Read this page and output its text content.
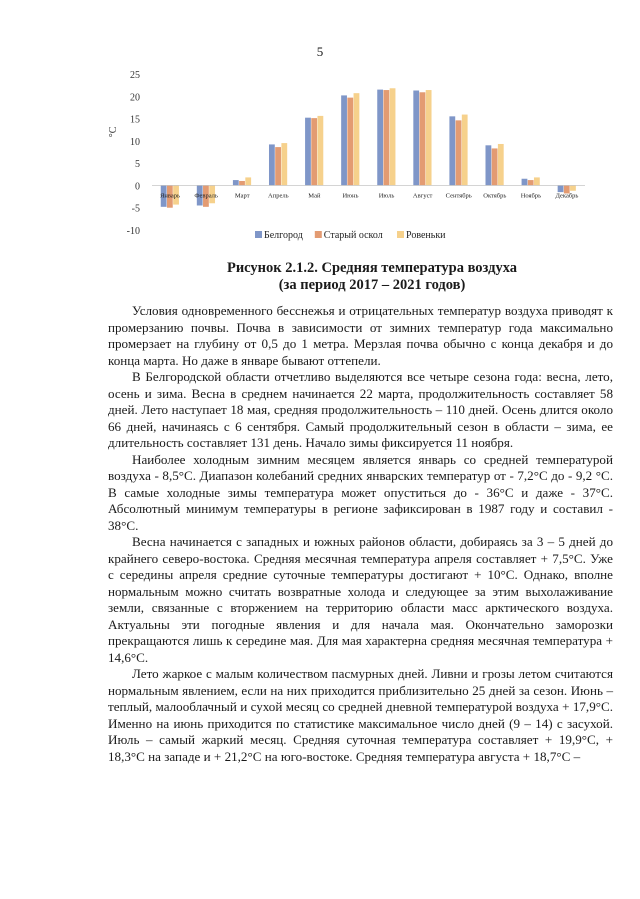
5
25
20
15
10
5
0
-5
-10
°C
Январь Февраль	Март	Апрель	Май	Июнь	Июль	Август Сентябрь Октябрь Ноябрь Декабрь
Белгород Старый оскол Ровеньки
Рисунок 2.1.2. Средняя температура воздуха
(за период 2017 – 2021 годов)

Условия одновременного бесснежья и отрицательных температур воздуха приводят к промерзанию почвы. Почва в зависимости от зимних температур года максимально промерзает на глубину от 0,5 до 1 метра. Мерзлая почва обычно с конца декабря и до конца марта. Но даже в январе бывают оттепели.

В Белгородской области отчетливо выделяются все четыре сезона года: весна, лето, осень и зима. Весна в среднем начинается 22 марта, продолжительность составляет 58 дней. Лето наступает 18 мая, средняя продолжительность – 110 дней. Осень длится около 66 дней, начинаясь с 6 сентября. Самый продолжительный сезон в области – зима, ее длительность составляет 131 день. Начало зимы фиксируется 11 ноября.

Наиболее холодным зимним месяцем является январь со средней температурой воздуха - 8,5°С. Диапазон колебаний средних январских температур от - 7,2°С до - 9,2 °С. В самые холодные зимы температура может опуститься до - 36°С и даже - 37°С. Абсолютный минимум температуры в регионе зафиксирован в 1987 году и составил - 38°С.

Весна начинается с западных и южных районов области, добираясь за 3 – 5 дней до крайнего северо-востока. Средняя месячная температура апреля составляет + 7,5°С. Уже с середины апреля средние суточные температуры достигают + 10°С. Однако, вполне нормальным можно считать возвратные холода и следующее за этим выхолаживание земли, связанные с вторжением на территорию области масс арктического воздуха. Актуальны эти погодные явления и для начала мая. Окончательно заморозки прекращаются лишь к середине мая. Для мая характерна средняя месячная температура + 14,6°С.

Лето жаркое с малым количеством пасмурных дней. Ливни и грозы летом считаются нормальным явлением, если на них приходится приблизительно 25 дней за сезон. Июнь – теплый, малооблачный и сухой месяц со средней дневной температурой воздуха + 17,9°С. Именно на июнь приходится по статистике максимальное число дней (9 – 14) с засухой. Июль – самый жаркий месяц. Средняя суточная температура составляет + 19,9°С, + 18,3°С на западе и + 21,2°С на юго-востоке. Средняя температура августа + 18,7°С –
